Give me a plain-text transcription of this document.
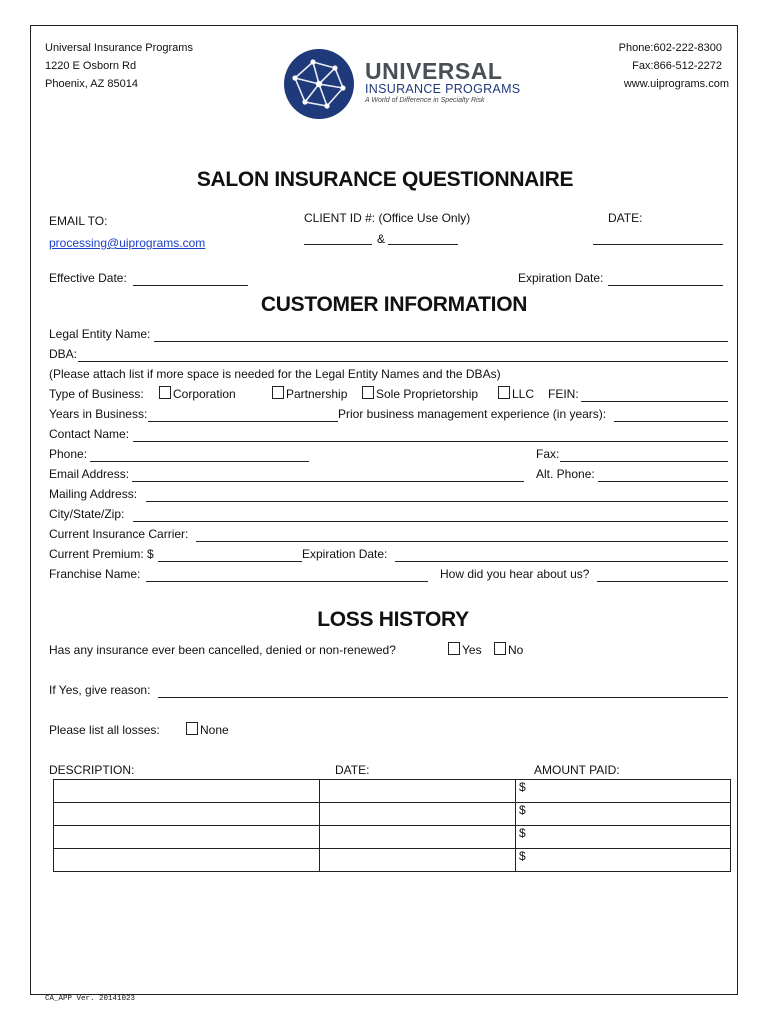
Universal Insurance Programs
1220 E Osborn Rd
Phoenix, AZ 85014
Phone:602-222-8300
Fax:866-512-2272
www.uiprograms.com
UNIVERSAL
INSURANCE PROGRAMS
A World of Difference in Specialty Risk
SALON INSURANCE QUESTIONNAIRE
EMAIL TO:
processing@uiprograms.com
CLIENT ID #: (Office Use Only)
&
DATE:
Effective Date:	Expiration Date:
CUSTOMER INFORMATION
Legal Entity Name:
DBA:
(Please attach list if more space is needed for the Legal Entity Names and the DBAs)
Type of Business: Corporation	Partnership Sole Proprietorship	LLC FEIN:
Years in Business:	Prior business management experience (in years):
Contact Name:
Phone:	Fax:
Email Address:	Alt. Phone:
Mailing Address:
City/State/Zip:
Current Insurance Carrier:
Current Premium: $	Expiration Date:
Franchise Name:	How did you hear about us?
LOSS HISTORY
Has any insurance ever been cancelled, denied or non-renewed?	Yes No
If Yes, give reason:
Please list all losses:	None
DESCRIPTION:	DATE:	AMOUNT PAID:
		$
		$
		$
		$
CA_APP Ver. 20141023
